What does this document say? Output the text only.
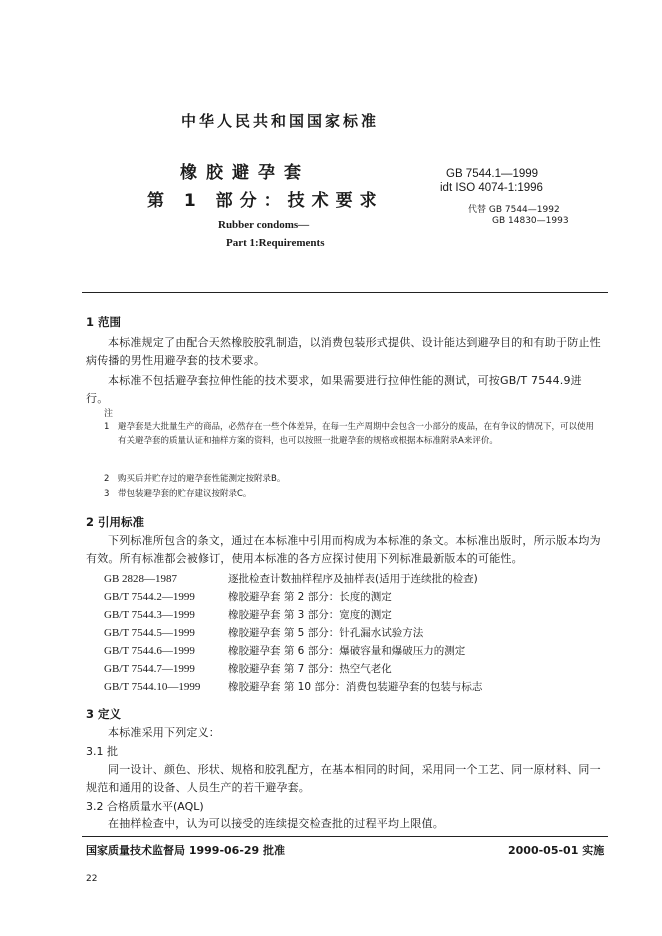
中华人民共和国国家标准
橡胶避孕套
第 1 部分：技术要求
Rubber condoms—
Part 1:Requirements
GB 7544.1—1999
idt ISO 4074-1:1996
代替 GB 7544—1992
GB 14830—1993
1 范围
本标准规定了由配合天然橡胶胶乳制造，以消费包装形式提供、设计能达到避孕目的和有助于防止性病传播的男性用避孕套的技术要求。
本标准不包括避孕套拉伸性能的技术要求，如果需要进行拉伸性能的测试，可按GB/T 7544.9进行。
注
1 避孕套是大批量生产的商品，必然存在一些个体差异，在每一生产周期中会包含一小部分的废品，在有争议的情况下，可以使用有关避孕套的质量认证和抽样方案的资料，也可以按照一批避孕套的规格或根据本标准附录A来评价。
2 购买后并贮存过的避孕套性能测定按附录B。
3 带包装避孕套的贮存建议按附录C。
2 引用标准
下列标准所包含的条文，通过在本标准中引用而构成为本标准的条文。本标准出版时，所示版本均为有效。所有标准都会被修订，使用本标准的各方应探讨使用下列标准最新版本的可能性。
GB 2828—1987	逐批检查计数抽样程序及抽样表(适用于连续批的检查)
GB/T 7544.2—1999	橡胶避孕套 第 2 部分：长度的测定
GB/T 7544.3—1999	橡胶避孕套 第 3 部分：宽度的测定
GB/T 7544.5—1999	橡胶避孕套 第 5 部分：针孔漏水试验方法
GB/T 7544.6—1999	橡胶避孕套 第 6 部分：爆破容量和爆破压力的测定
GB/T 7544.7—1999	橡胶避孕套 第 7 部分：热空气老化
GB/T 7544.10—1999	橡胶避孕套 第 10 部分：消费包装避孕套的包装与标志
3 定义
本标准采用下列定义：
3.1 批
同一设计、颜色、形状、规格和胶乳配方，在基本相同的时间，采用同一个工艺、同一原材料、同一规范和通用的设备、人员生产的若干避孕套。
3.2 合格质量水平(AQL)
在抽样检查中，认为可以接受的连续提交检查批的过程平均上限值。
国家质量技术监督局 1999-06-29 批准	2000-05-01 实施
22
